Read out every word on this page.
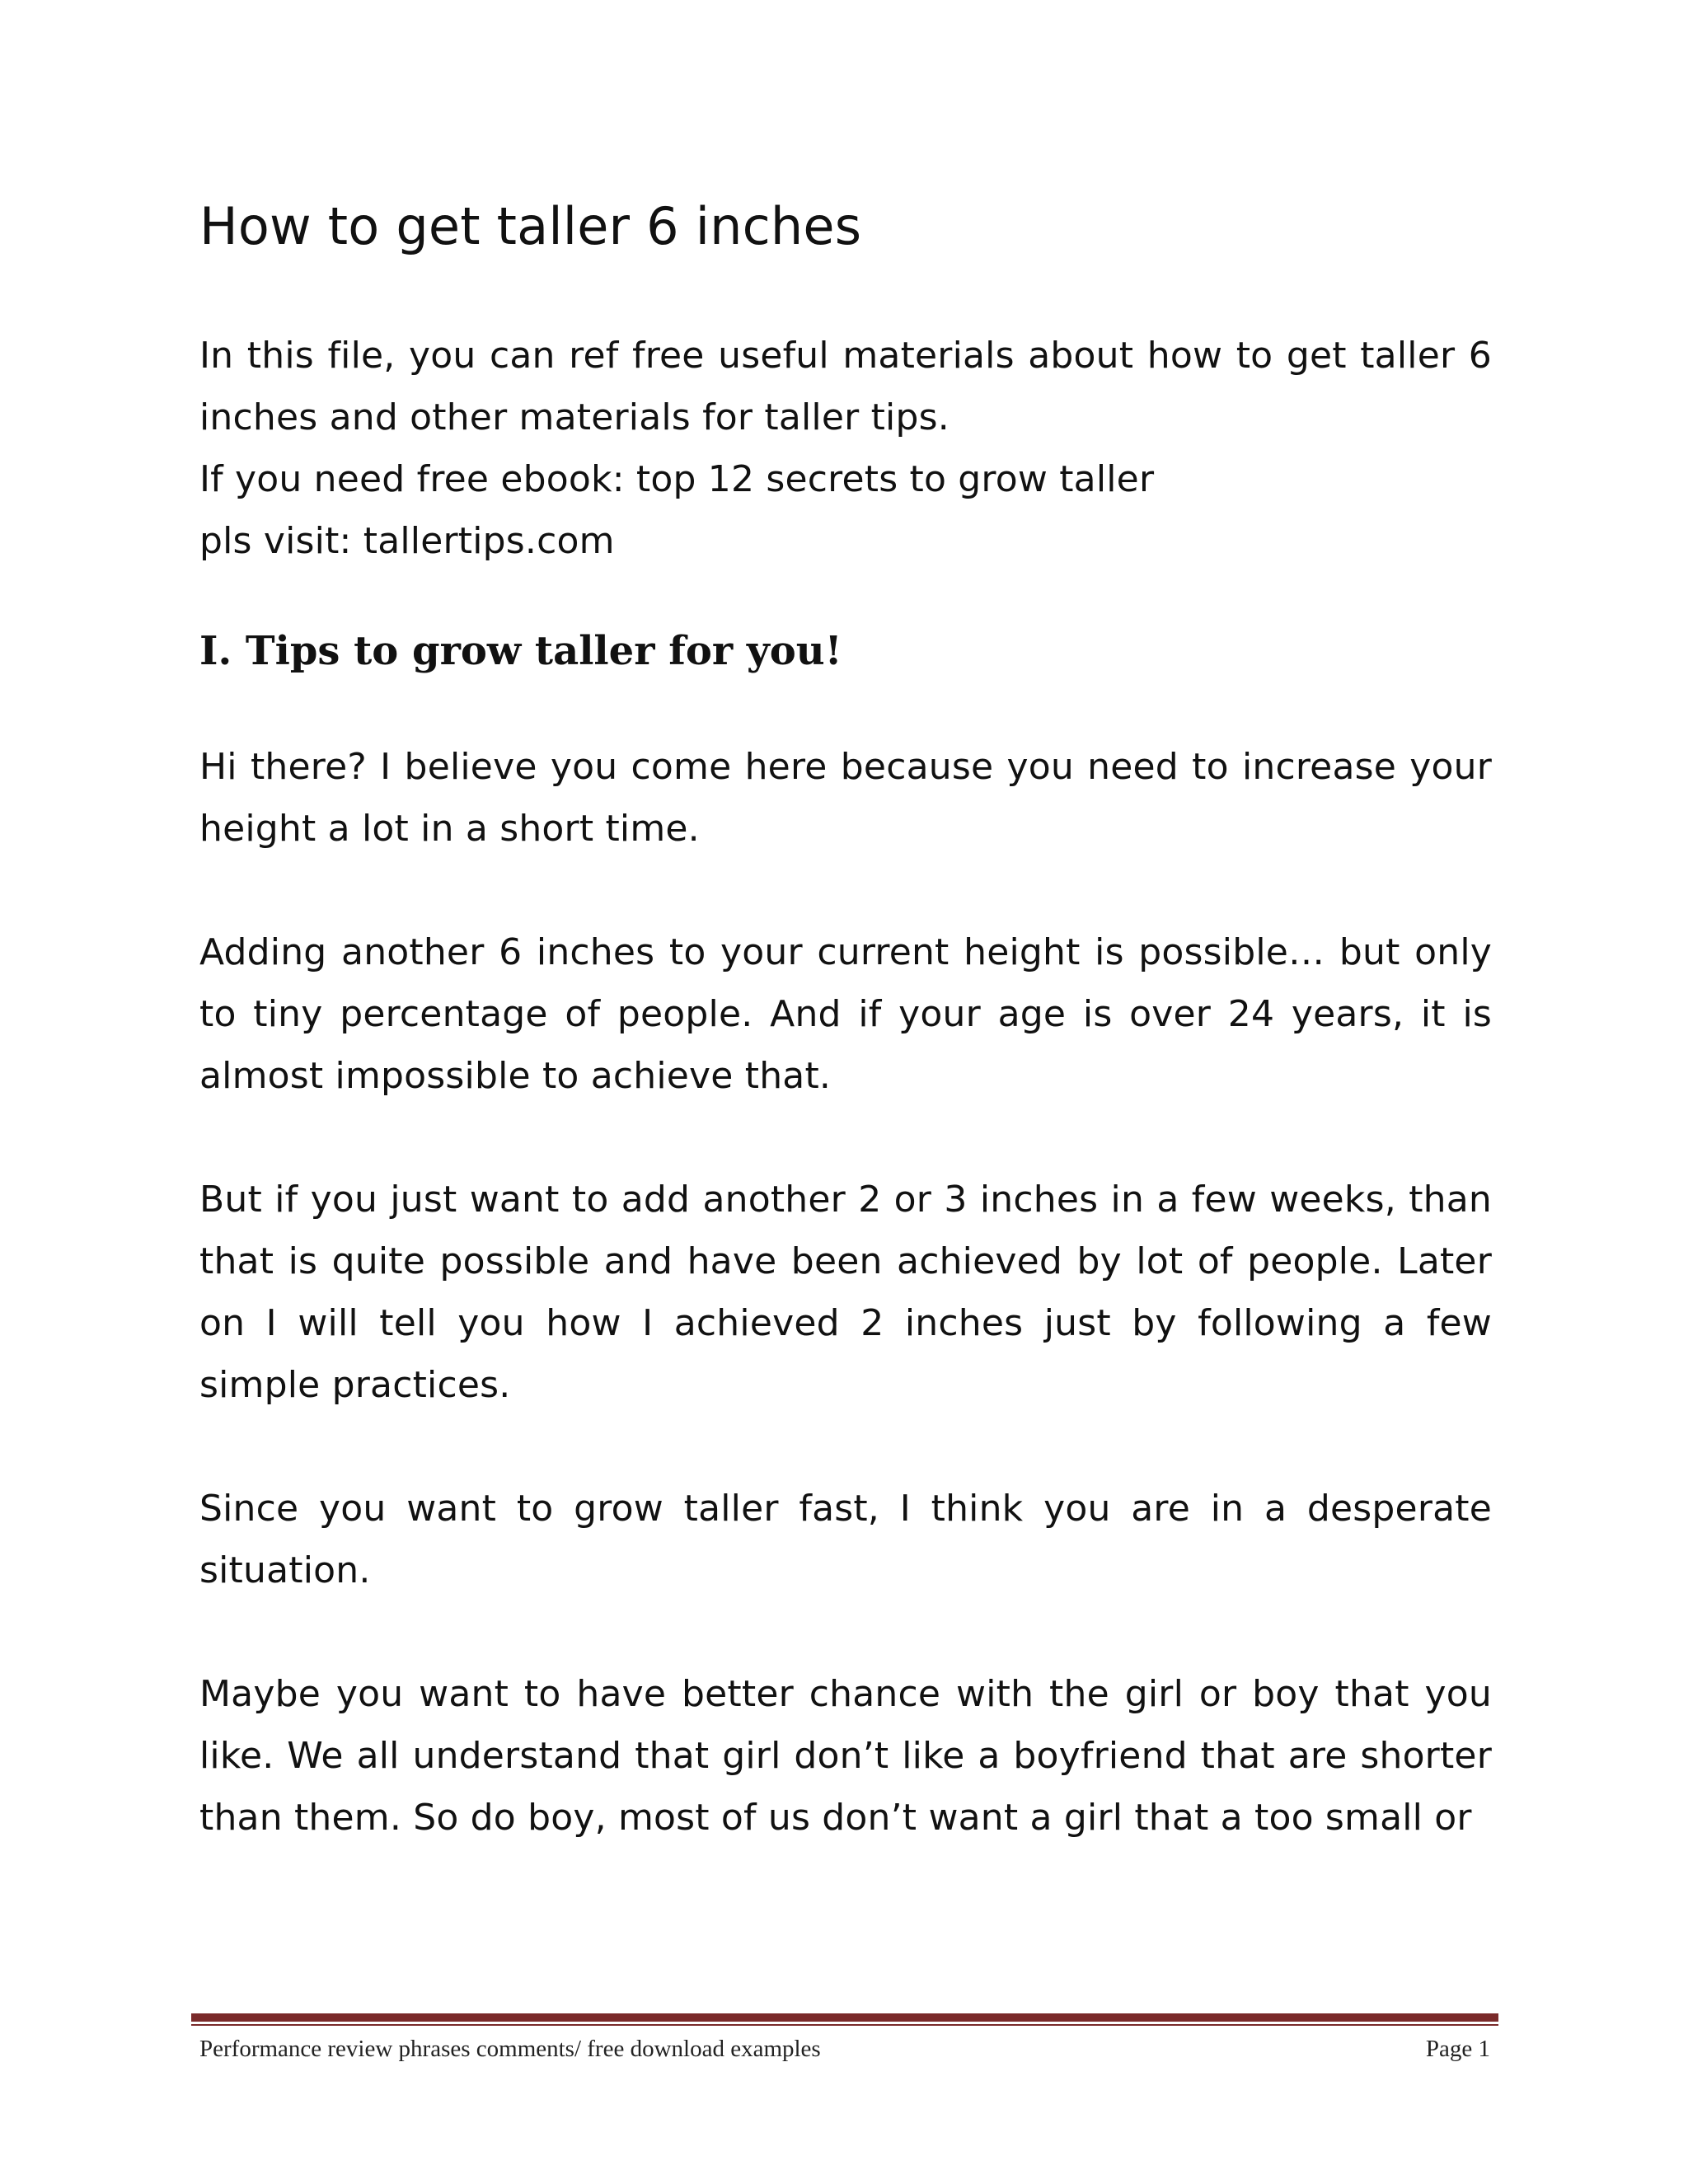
How to get taller 6 inches

In this file, you can ref free useful materials about how to get taller 6 inches and other materials for taller tips.

If you need free ebook: top 12 secrets to grow taller
pls visit: tallertips.com
I. Tips to grow taller for you!

Hi there? I believe you come here because you need to increase your height a lot in a short time.

Adding another 6 inches to your current height is possible… but only to tiny percentage of people. And if your age is over 24 years, it is almost impossible to achieve that.

But if you just want to add another 2 or 3 inches in a few weeks, than that is quite possible and have been achieved by lot of people. Later on I will tell you how I achieved 2 inches just by following a few simple practices.

Since you want to grow taller fast, I think you are in a desperate situation.

Maybe you want to have better chance with the girl or boy that you like. We all understand that girl don’t like a boyfriend that are shorter than them. So do boy, most of us don’t want a girl that a too small or

Performance review phrases comments/ free download examples	Page 1
